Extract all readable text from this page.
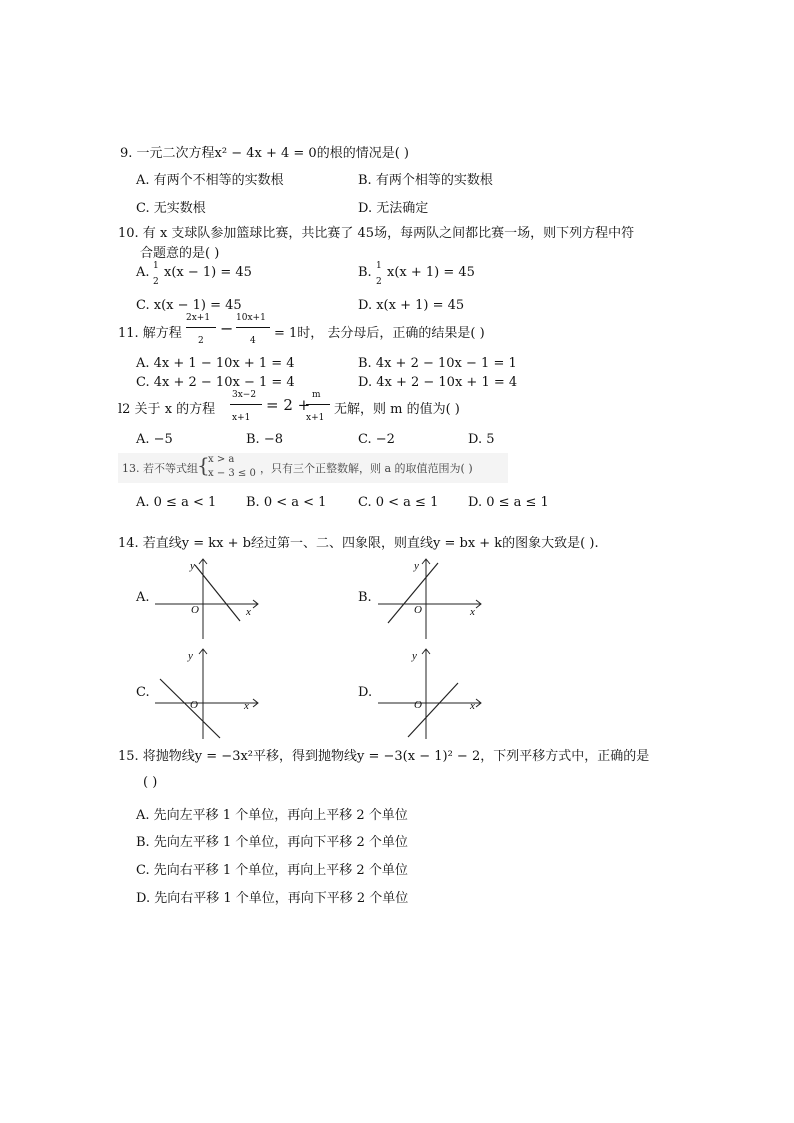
9. 一元二次方程x² − 4x + 4 = 0的根的情况是( )
A. 有两个不相等的实数根	B. 有两个相等的实数根
C. 无实数根	D. 无法确定
10. 有 x 支球队参加篮球比赛，共比赛了 45场，每两队之间都比赛一场，则下列方程中符
合题意的是( )
A. 1
2
x(x − 1) = 45	B. 1
2
x(x + 1) = 45
C. x(x − 1) = 45	D. x(x + 1) = 45
11. 解方程
2x+1
2
−
10x+1
4 = 1时， 去分母后，正确的结果是( )
A. 4x + 1 − 10x + 1 = 4	B. 4x + 2 − 10x − 1 = 1
C. 4x + 2 − 10x − 1 = 4	D. 4x + 2 − 10x + 1 = 4
l2 关于 x 的方程
3x−2
x+1
= 2 +
m
x+1
无解，则 m 的值为( )
A. −5	B. −8	C. −2	D. 5
13. 若不等式组 {
x > a
x − 3 ≤ 0 ，只有三个正整数解，则 a 的取值范围为( )
A. 0 ≤ a < 1 B. 0 < a < 1 C. 0 < a ≤ 1 D. 0 ≤ a ≤ 1
14. 若直线y = kx + b经过第一、二、四象限，则直线y = bx + k的图象大致是( ).
A.	B.
C.	D.
y
x
O
y
x
O
y
x
O
y
x
O
15. 将抛物线y = −3x²平移，得到抛物线y = −3(x − 1)² − 2，下列平移方式中，正确的是
( )
A. 先向左平移 1 个单位，再向上平移 2 个单位
B. 先向左平移 1 个单位，再向下平移 2 个单位
C. 先向右平移 1 个单位，再向上平移 2 个单位
D. 先向右平移 1 个单位，再向下平移 2 个单位
